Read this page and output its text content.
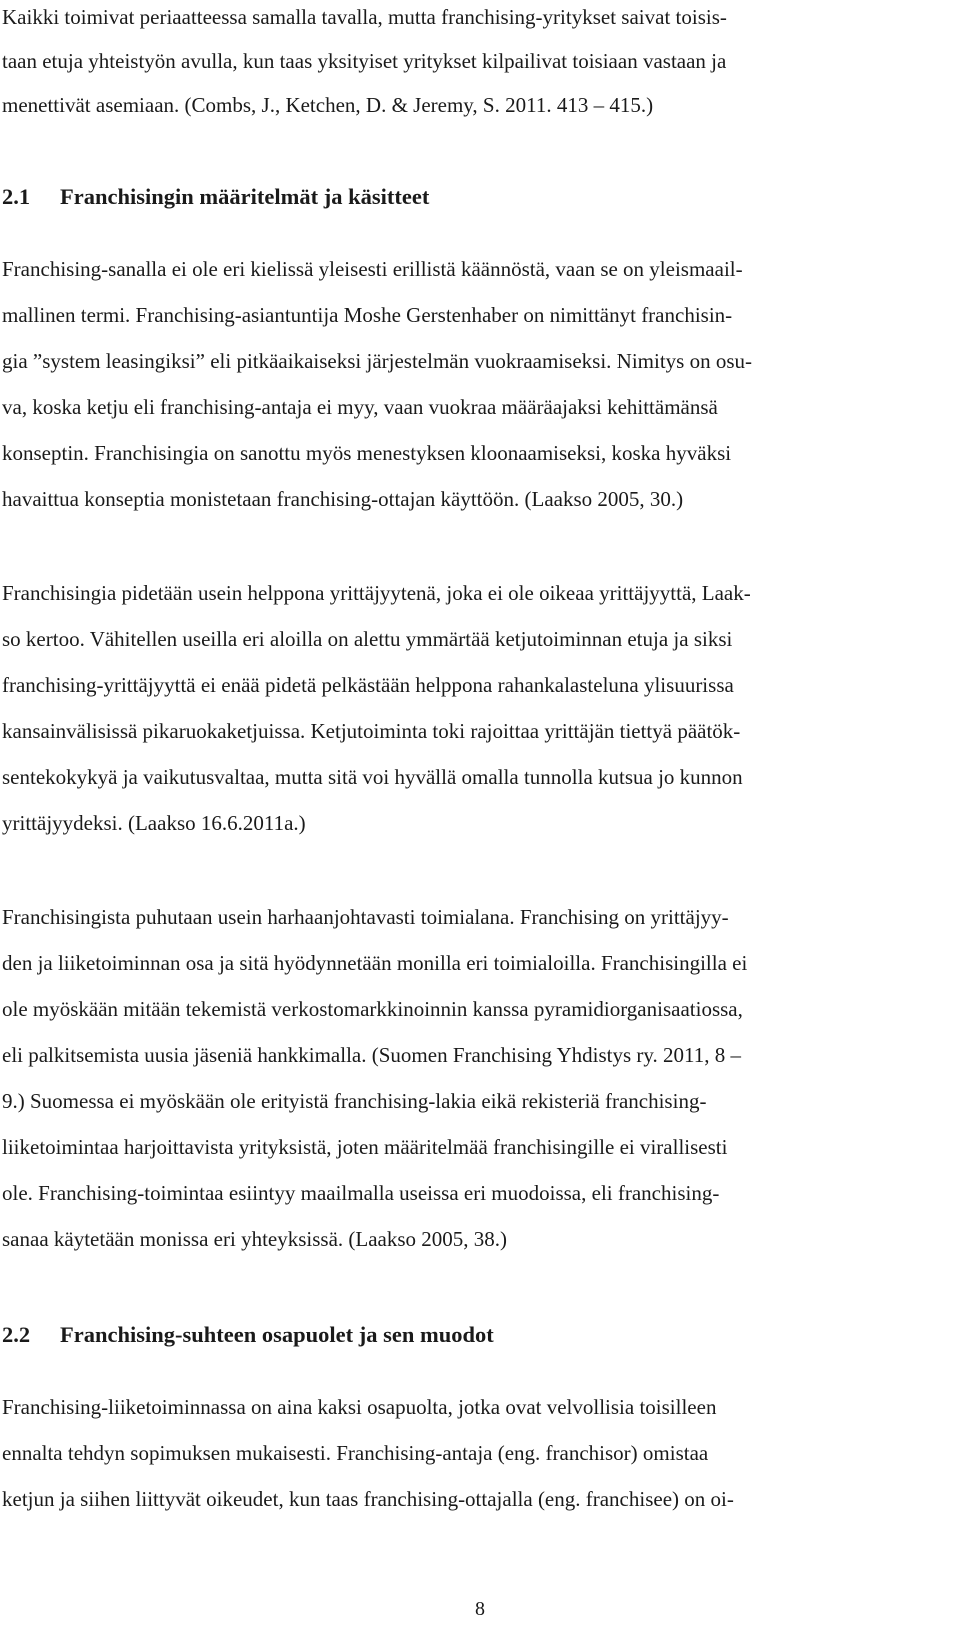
Kaikki toimivat periaatteessa samalla tavalla, mutta franchising-yritykset saivat toisis-

taan etuja yhteistyön avulla, kun taas yksityiset yritykset kilpailivat toisiaan vastaan ja

menettivät asemiaan. (Combs, J., Ketchen, D. & Jeremy, S. 2011. 413 – 415.)

2.1 Franchisingin määritelmät ja käsitteet

Franchising-sanalla ei ole eri kielissä yleisesti erillistä käännöstä, vaan se on yleismaail-

mallinen termi. Franchising-asiantuntija Moshe Gerstenhaber on nimittänyt franchisin-

gia ”system leasingiksi” eli pitkäaikaiseksi järjestelmän vuokraamiseksi. Nimitys on osu-

va, koska ketju eli franchising-antaja ei myy, vaan vuokraa määräajaksi kehittämänsä

konseptin. Franchisingia on sanottu myös menestyksen kloonaamiseksi, koska hyväksi

havaittua konseptia monistetaan franchising-ottajan käyttöön. (Laakso 2005, 30.)

Franchisingia pidetään usein helppona yrittäjyytenä, joka ei ole oikeaa yrittäjyyttä, Laak-

so kertoo. Vähitellen useilla eri aloilla on alettu ymmärtää ketjutoiminnan etuja ja siksi

franchising-yrittäjyyttä ei enää pidetä pelkästään helppona rahankalasteluna ylisuurissa

kansainvälisissä pikaruokaketjuissa. Ketjutoiminta toki rajoittaa yrittäjän tiettyä päätök-

sentekokykyä ja vaikutusvaltaa, mutta sitä voi hyvällä omalla tunnolla kutsua jo kunnon

yrittäjyydeksi. (Laakso 16.6.2011a.)

Franchisingista puhutaan usein harhaanjohtavasti toimialana. Franchising on yrittäjyy-

den ja liiketoiminnan osa ja sitä hyödynnetään monilla eri toimialoilla. Franchisingilla ei

ole myöskään mitään tekemistä verkostomarkkinoinnin kanssa pyramidiorganisaatiossa,

eli palkitsemista uusia jäseniä hankkimalla. (Suomen Franchising Yhdistys ry. 2011, 8 –

9.) Suomessa ei myöskään ole erityistä franchising-lakia eikä rekisteriä franchising-

liiketoimintaa harjoittavista yrityksistä, joten määritelmää franchisingille ei virallisesti

ole. Franchising-toimintaa esiintyy maailmalla useissa eri muodoissa, eli franchising-

sanaa käytetään monissa eri yhteyksissä. (Laakso 2005, 38.)

2.2 Franchising-suhteen osapuolet ja sen muodot

Franchising-liiketoiminnassa on aina kaksi osapuolta, jotka ovat velvollisia toisilleen

ennalta tehdyn sopimuksen mukaisesti. Franchising-antaja (eng. franchisor) omistaa

ketjun ja siihen liittyvät oikeudet, kun taas franchising-ottajalla (eng. franchisee) on oi-

8
